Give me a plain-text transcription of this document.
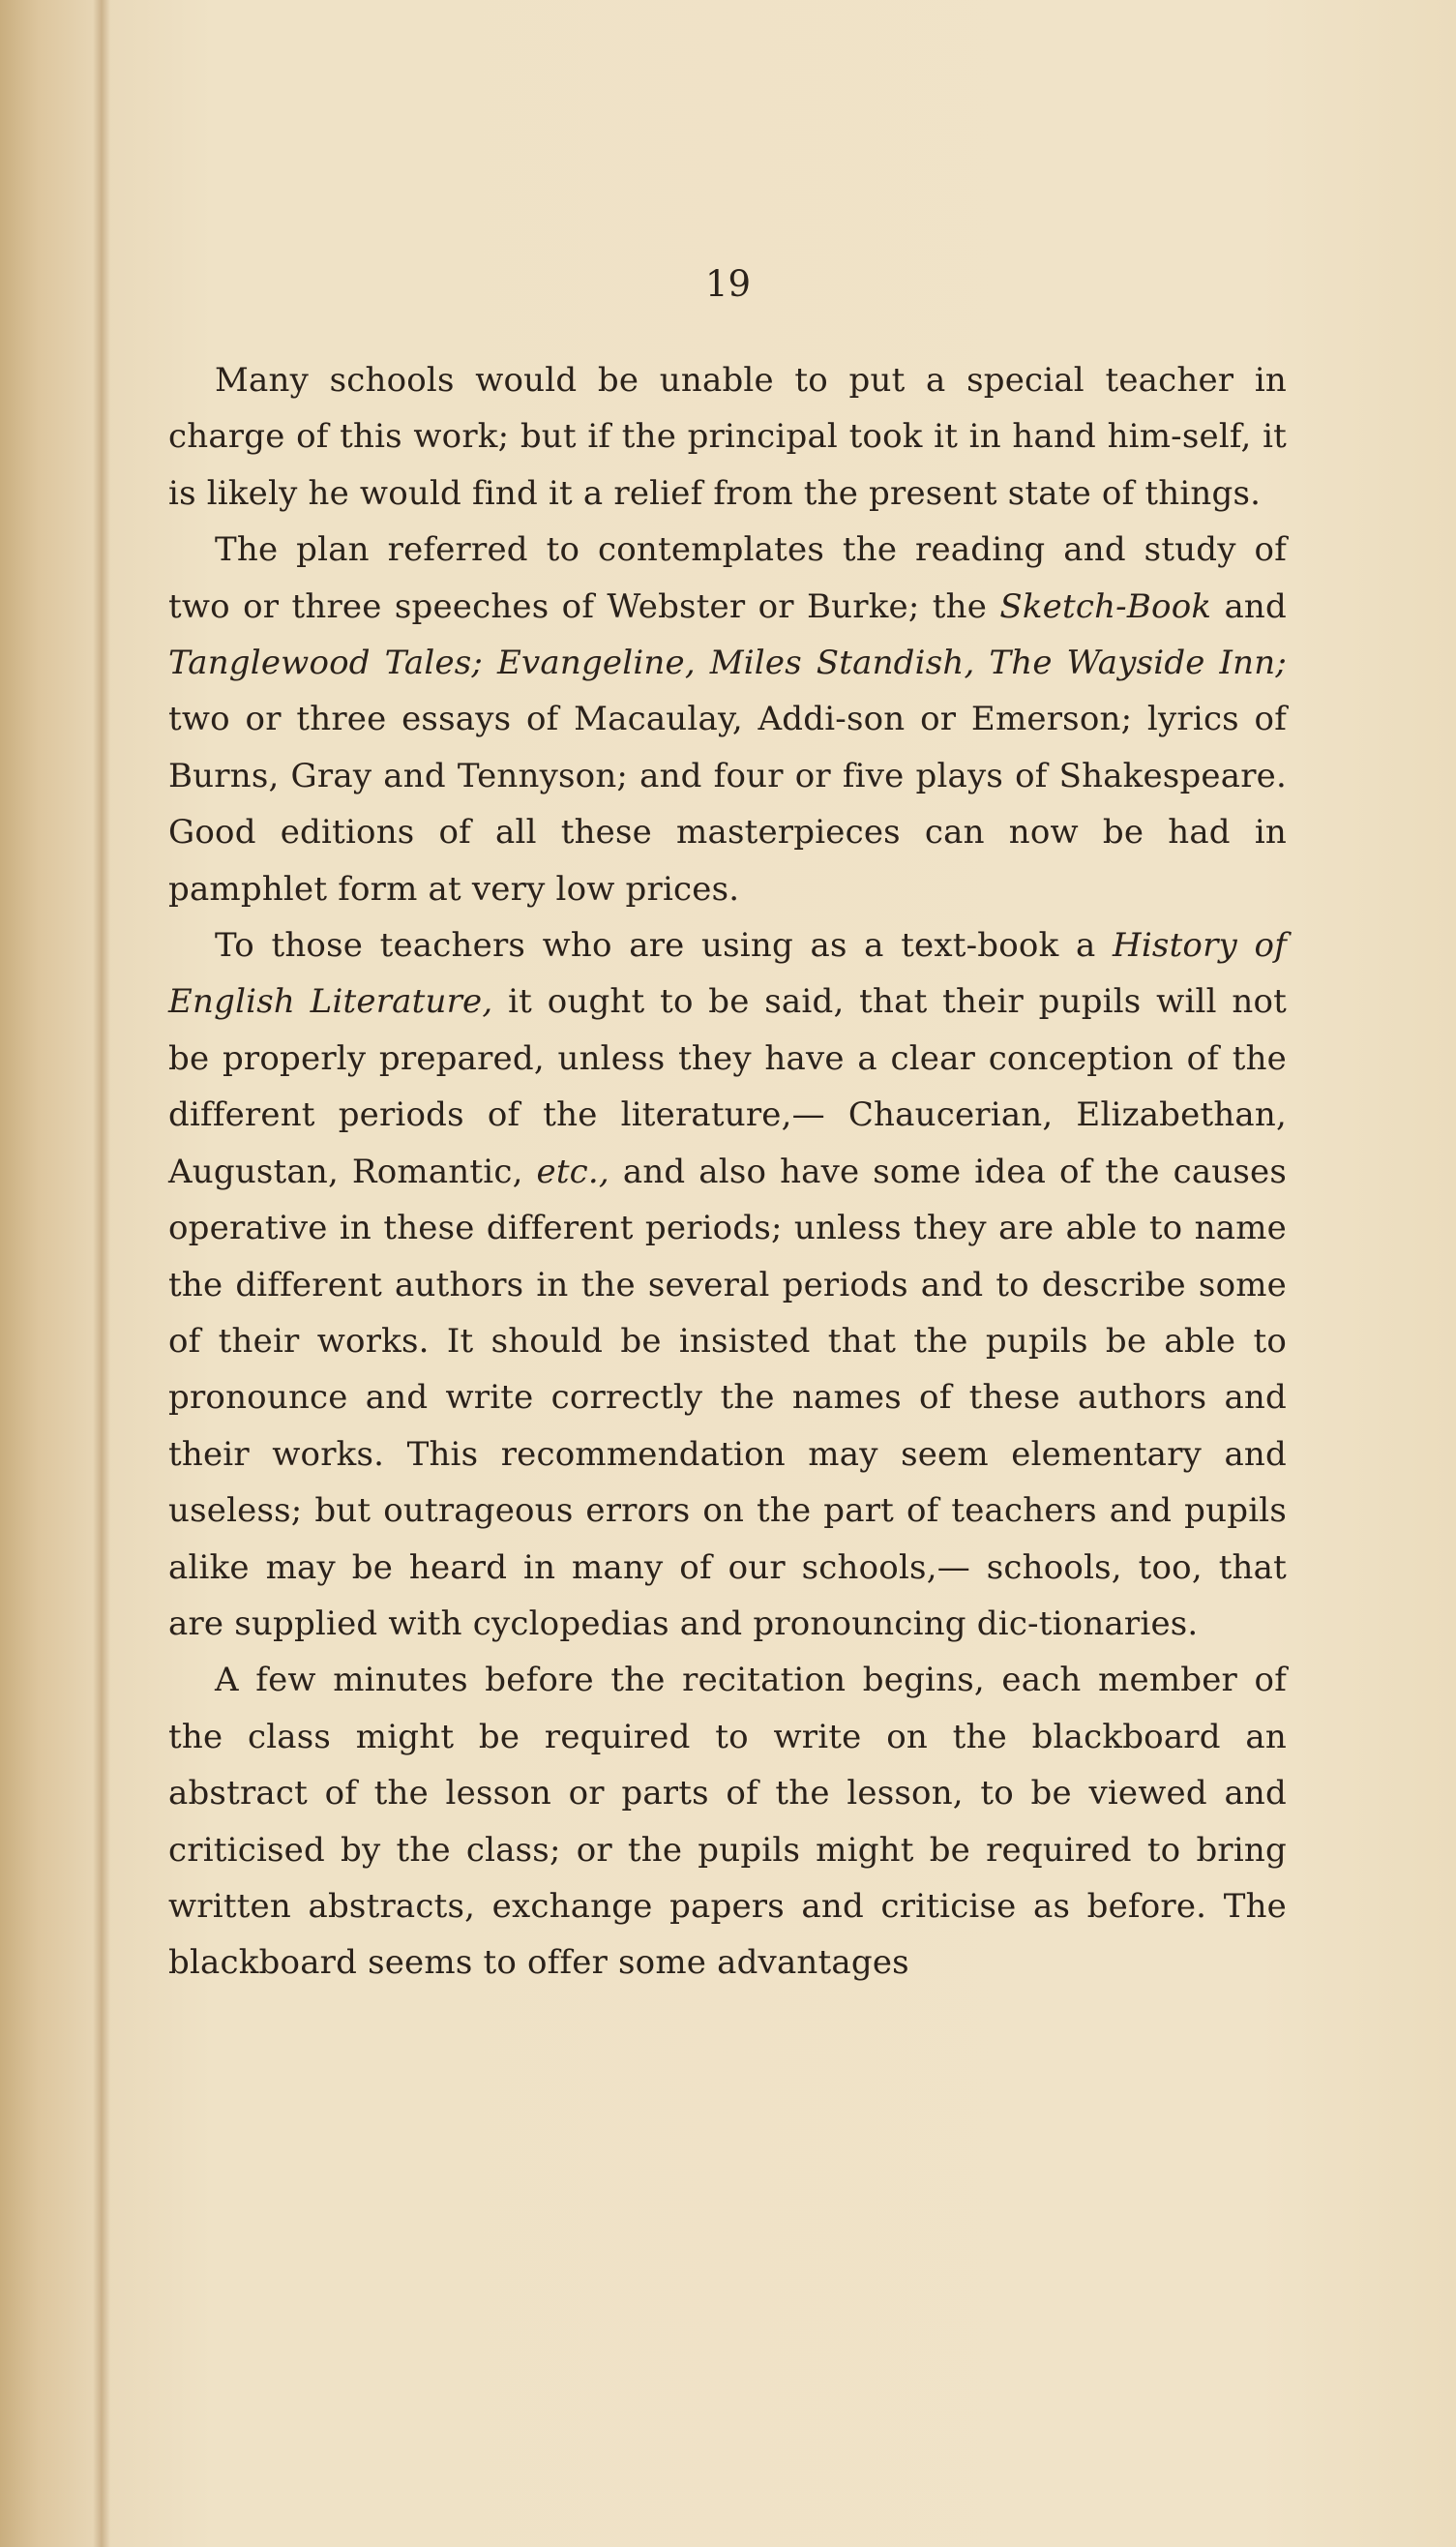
19

Many schools would be unable to put a special teacher in charge of this work; but if the principal took it in hand him-self, it is likely he would find it a relief from the present state of things.

The plan referred to contemplates the reading and study of two or three speeches of Webster or Burke; the Sketch-Book and Tanglewood Tales; Evangeline, Miles Standish, The Wayside Inn; two or three essays of Macaulay, Addi-son or Emerson; lyrics of Burns, Gray and Tennyson; and four or five plays of Shakespeare. Good editions of all these masterpieces can now be had in pamphlet form at very low prices.

To those teachers who are using as a text-book a History of English Literature, it ought to be said, that their pupils will not be properly prepared, unless they have a clear conception of the different periods of the literature,— Chaucerian, Elizabethan, Augustan, Romantic, etc., and also have some idea of the causes operative in these different periods; unless they are able to name the different authors in the several periods and to describe some of their works. It should be insisted that the pupils be able to pronounce and write correctly the names of these authors and their works. This recommendation may seem elementary and useless; but outrageous errors on the part of teachers and pupils alike may be heard in many of our schools,— schools, too, that are supplied with cyclopedias and pronouncing dic-tionaries.

A few minutes before the recitation begins, each member of the class might be required to write on the blackboard an abstract of the lesson or parts of the lesson, to be viewed and criticised by the class; or the pupils might be required to bring written abstracts, exchange papers and criticise as before. The blackboard seems to offer some advantages
